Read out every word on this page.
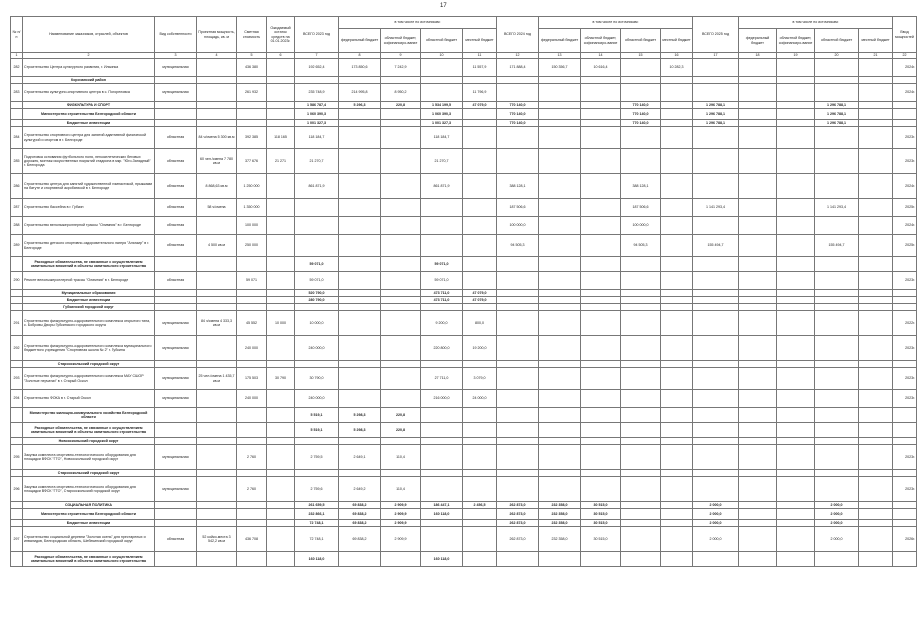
17
№ п/п	Наименование заказчиков, отраслей, объектов	Вид собственности	Проектная мощность, площадь, кв. м	Сметная стоимость	Ожидаемый остаток средств на 01.01.2023г.	ВСЕГО 2023 год	в том числе по источникам:				ВСЕГО 2024 год	в том числе по источникам:				ВСЕГО 2025 год	в том числе по источникам:				Ввод мощностей
							федеральный бюджет	областной бюджет, софинансиро-вание	областной бюджет	местный бюджет		федеральный бюджет	областной бюджет, софинансиро-вание	областной бюджет	местный бюджет		федеральный бюджет	областной бюджет, софинансиро-вание	областной бюджет	местный бюджет	
1	2	3	4	5	6	7	8	9	10	11	12	13	14	15	16	17	18	19	20	21	22
282	Строительство Центра культурного развития, г. Ильинка	муниципальная		436 380		192 652,4	173 850,6	7 242,9		11 557,9	171 888,4	150 356,7	10 616,4		10 282,3						2024г.
	Корочанский район																				
283	Строительство культурно-спортивного центра в с. Погореловка	муниципальная		261 932		235 748,9	214 995,8	8 950,2		11 796,9											2024г.
	ФИЗКУЛЬТУРА И СПОРТ					1 586 787,4	5 296,3	220,8	1 534 199,5	47 079,0	770 140,0			770 140,0		1 296 788,1			1 296 788,1		
	Министерство строительства Белгородской области					1 060 390,3			1 060 390,3		770 140,0			770 140,0		1 296 788,1			1 296 788,1		
	Бюджетные инвестиции					1 001 327,3			1 001 327,3		770 140,0			770 140,0		1 296 788,1			1 296 788,1		
284	Строительство спортивного центра для занятий адаптивной физической культурой и спортом в г. Белгороде	областная	84 ч/смена 5 300 кв.м	392 385	118 165	118 184,7			118 184,7												2023г.
285	Подготовка основания футбольного поля, легкоатлетических беговых дорожек, монтаж искусственных покрытий стадиона в мкр. "Юго-Западный" г. Белгорода	областная	60 чел./смена 7 780 кв.м	377 676	21 271	21 270,7			21 270,7												2023г.
286	Строительство центра для занятий художественной гимнастикой, прыжками на батуте и спортивной акробатикой в г. Белгороде	областная	8 868,63 кв.м	1 250 000		861 871,9			861 871,9		388 128,1			388 128,1							2024г.
287	Строительство бассейна в г. Губкин	областная	58 ч/смена	1 350 000							187 506,6			187 506,6		1 141 293,4			1 141 293,4		2025г.
288	Строительство велолыжероллерной трассы "Олимпия" в г. Белгороде	областная		100 000							100 000,0			100 000,0							2024г.
289	Строительство детского спортивно-оздоровительного лагеря "Альтаир" в г. Белгороде	областная	4 500 кв.м	250 000							94 505,3			94 505,3		155 494,7			155 494,7		2025г.
	Расходные обязательства, не связанные с осуществлением капитальных вложений в объекты капитального строительства					59 071,0			59 071,0												
290	Ремонт велолыжероллерной трассы "Олимпия" в г. Белгороде	областная		59 071		59 071,0			59 071,0												2023г.
	Муниципальные образования					520 790,0			473 711,0	47 079,0											
	Бюджетные инвестиции					280 790,0			473 711,0	47 079,0											
	Губкинский городской округ																				
291	Строительство физкультурно-оздоровительного комплекса открытого типа, с. Бобровы Дворы Губкинского городского округа	муниципальная	84 ч/смена 4 333,3 кв.м	45 552	10 000	10 000,0			9 200,0	800,0											2022г.
292	Строительство физкультурно-оздоровительного комплекса муниципального бюджетного учреждения "Спортивная школа № 2" г. Губкина	муниципальная		240 000		240 000,0			220 800,0	19 200,0											2023г.
	Старооскольский городской округ																				
293	Строительство физкультурно-оздоровительного комплекса МАУ СШОР "Золотые перчатки" в г. Старый Оскол	муниципальная	25 чел./смена 1 435,7 кв.м	175 503	30 790	30 790,0			27 711,0	3 079,0											2023г.
294	Строительство ФОКА в г. Старый Оскол	муниципальная		240 000		240 000,0			216 000,0	24 000,0											2023г.
	Министерство жилищно-коммунального хозяйства Белгородской области					5 519,1	5 298,3	220,8													
	Расходные обязательства, не связанные с осуществлением капитальных вложений в объекты капитального строительства					5 519,1	5 298,3	220,8													
	Новооскольский городской округ																				
295	Закупка комплекта спортивно-технологического оборудования для площадки ВФСК "ГТО", Новооскольский городской округ	муниципальная		2 760		2 759,5	2 649,1	110,4													2023г.
	Старооскольский городской округ																				
296	Закупка комплекта спортивно-технологического оборудования для площадки ВФСК "ГТО", Старооскольский городской округ	муниципальная		2 760		2 759,6	2 649,2	110,4													2023г.
	СОЦИАЛЬНАЯ ПОЛИТИКА					261 659,5	69 838,2	2 909,9	186 447,1	2 456,5	262 873,0	232 358,0	30 515,0			2 000,0			2 000,0		
	Министерство строительства Белгородской области					232 866,1	69 838,2	2 909,9	160 118,0		262 873,0	232 358,0	30 515,0			2 000,0			2 000,0		
	Бюджетные инвестиции					72 748,1	69 838,2	2 909,9			262 873,0	232 358,0	30 515,0			2 000,0			2 000,0		
297	Строительство социальной деревни "Золотая осень" для престарелых и инвалидов, Белгородская область, Шебекинский городской округ	областная	52 койко-места 3 542,2 кв.м	436 708		72 748,1	69 838,2	2 909,9			262 873,0	232 358,0	30 515,0			2 000,0			2 000,0		2026г.
	Расходные обязательства, не связанные с осуществлением капитальных вложений в объекты капитального строительства					160 118,0			160 118,0												
